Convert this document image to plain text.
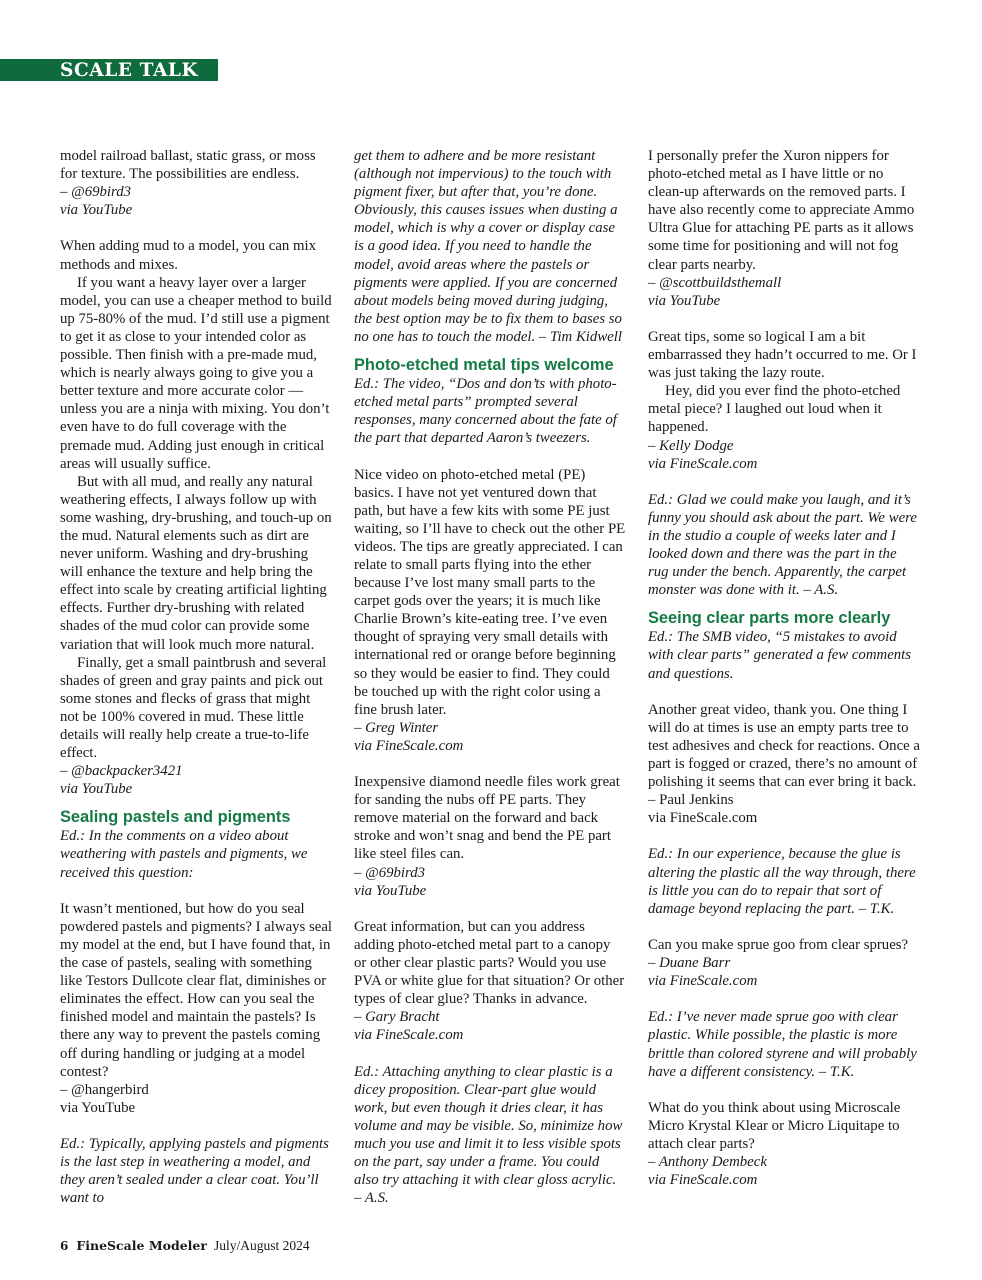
SCALE TALK

model railroad ballast, static grass, or moss for texture. The possibilities are endless.

– @69bird3

via YouTube

When adding mud to a model, you can mix methods and mixes.

If you want a heavy layer over a larger model, you can use a cheaper method to build up 75-80% of the mud. I’d still use a pigment to get it as close to your intended color as possible. Then finish with a pre-made mud, which is nearly always going to give you a better texture and more accurate color — unless you are a ninja with mixing. You don’t even have to do full coverage with the premade mud. Adding just enough in critical areas will usually suffice.

But with all mud, and really any natural weathering effects, I always follow up with some washing, dry-brushing, and touch-up on the mud. Natural elements such as dirt are never uniform. Washing and dry-brushing will enhance the texture and help bring the effect into scale by creating artificial lighting effects. Further dry-brushing with related shades of the mud color can provide some variation that will look much more natural.

Finally, get a small paintbrush and several shades of green and gray paints and pick out some stones and flecks of grass that might not be 100% covered in mud. These little details will really help create a true-to-life effect.

– @backpacker3421

via YouTube

Sealing pastels and pigments

Ed.: In the comments on a video about weathering with pastels and pigments, we received this question:

It wasn’t mentioned, but how do you seal powdered pastels and pigments? I always seal my model at the end, but I have found that, in the case of pastels, sealing with something like Testors Dullcote clear flat, diminishes or eliminates the effect. How can you seal the finished model and maintain the pastels? Is there any way to prevent the pastels coming off during handling or judging at a model contest?

– @hangerbird

via YouTube

Ed.: Typically, applying pastels and pigments is the last step in weathering a model, and they aren’t sealed under a clear coat. You’ll want to

get them to adhere and be more resistant (although not impervious) to the touch with pigment fixer, but after that, you’re done. Obviously, this causes issues when dusting a model, which is why a cover or display case is a good idea. If you need to handle the model, avoid areas where the pastels or pigments were applied. If you are concerned about models being moved during judging, the best option may be to fix them to bases so no one has to touch the model. – Tim Kidwell

Photo-etched metal tips welcome

Ed.: The video, “Dos and don’ts with photo-etched metal parts” prompted several responses, many concerned about the fate of the part that departed Aaron’s tweezers.

Nice video on photo-etched metal (PE) basics. I have not yet ventured down that path, but have a few kits with some PE just waiting, so I’ll have to check out the other PE videos. The tips are greatly appreciated. I can relate to small parts flying into the ether because I’ve lost many small parts to the carpet gods over the years; it is much like Charlie Brown’s kite-eating tree. I’ve even thought of spraying very small details with international red or orange before beginning so they would be easier to find. They could be touched up with the right color using a fine brush later.

– Greg Winter

via FineScale.com

Inexpensive diamond needle files work great for sanding the nubs off PE parts. They remove material on the forward and back stroke and won’t snag and bend the PE part like steel files can.

– @69bird3

via YouTube

Great information, but can you address adding photo-etched metal part to a canopy or other clear plastic parts? Would you use PVA or white glue for that situation? Or other types of clear glue? Thanks in advance.

– Gary Bracht

via FineScale.com

Ed.: Attaching anything to clear plastic is a dicey proposition. Clear-part glue would work, but even though it dries clear, it has volume and may be visible. So, minimize how much you use and limit it to less visible spots on the part, say under a frame. You could also try attaching it with clear gloss acrylic. – A.S.

I personally prefer the Xuron nippers for photo-etched metal as I have little or no clean-up afterwards on the removed parts. I have also recently come to appreciate Ammo Ultra Glue for attaching PE parts as it allows some time for positioning and will not fog clear parts nearby.

– @scottbuildsthemall

via YouTube

Great tips, some so logical I am a bit embarrassed they hadn’t occurred to me. Or I was just taking the lazy route.

Hey, did you ever find the photo-etched metal piece? I laughed out loud when it happened.

– Kelly Dodge

via FineScale.com

Ed.: Glad we could make you laugh, and it’s funny you should ask about the part. We were in the studio a couple of weeks later and I looked down and there was the part in the rug under the bench. Apparently, the carpet monster was done with it. – A.S.

Seeing clear parts more clearly

Ed.: The SMB video, “5 mistakes to avoid with clear parts” generated a few comments and questions.

Another great video, thank you. One thing I will do at times is use an empty parts tree to test adhesives and check for reactions. Once a part is fogged or crazed, there’s no amount of polishing it seems that can ever bring it back.

– Paul Jenkins

via FineScale.com

Ed.: In our experience, because the glue is altering the plastic all the way through, there is little you can do to repair that sort of damage beyond replacing the part. – T.K.

Can you make sprue goo from clear sprues?

– Duane Barr

via FineScale.com

Ed.: I’ve never made sprue goo with clear plastic. While possible, the plastic is more brittle than colored styrene and will probably have a different consistency. – T.K.

What do you think about using Microscale Micro Krystal Klear or Micro Liquitape to attach clear parts?

– Anthony Dembeck

via FineScale.com

6 FineScale Modeler July/August 2024
